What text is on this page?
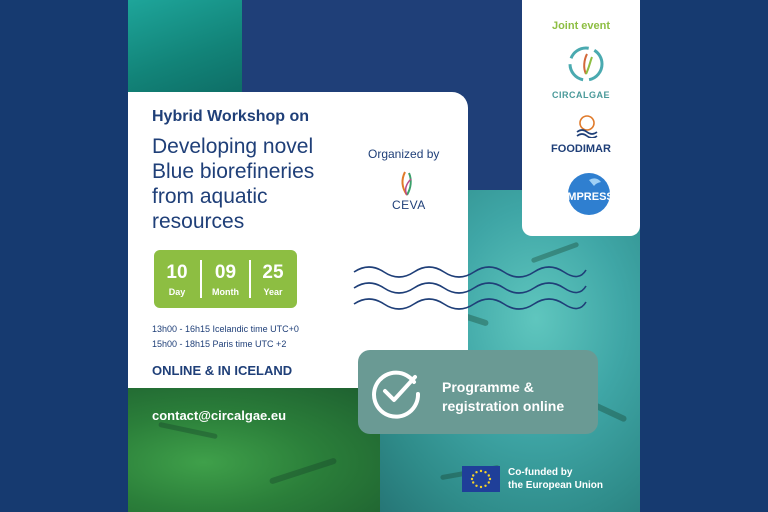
Hybrid Workshop on
Developing novel Blue biorefineries from aquatic resources
Organized by
CEVA
10
Day
09
Month
25
Year
13h00 - 16h15 Icelandic time UTC+0
15h00 - 18h15 Paris time UTC +2
ONLINE & IN ICELAND
contact@circalgae.eu
Programme & registration online
Joint event
CIRCALGAE
FOODIMAR
IMPRESS
Co-funded by
the European Union
